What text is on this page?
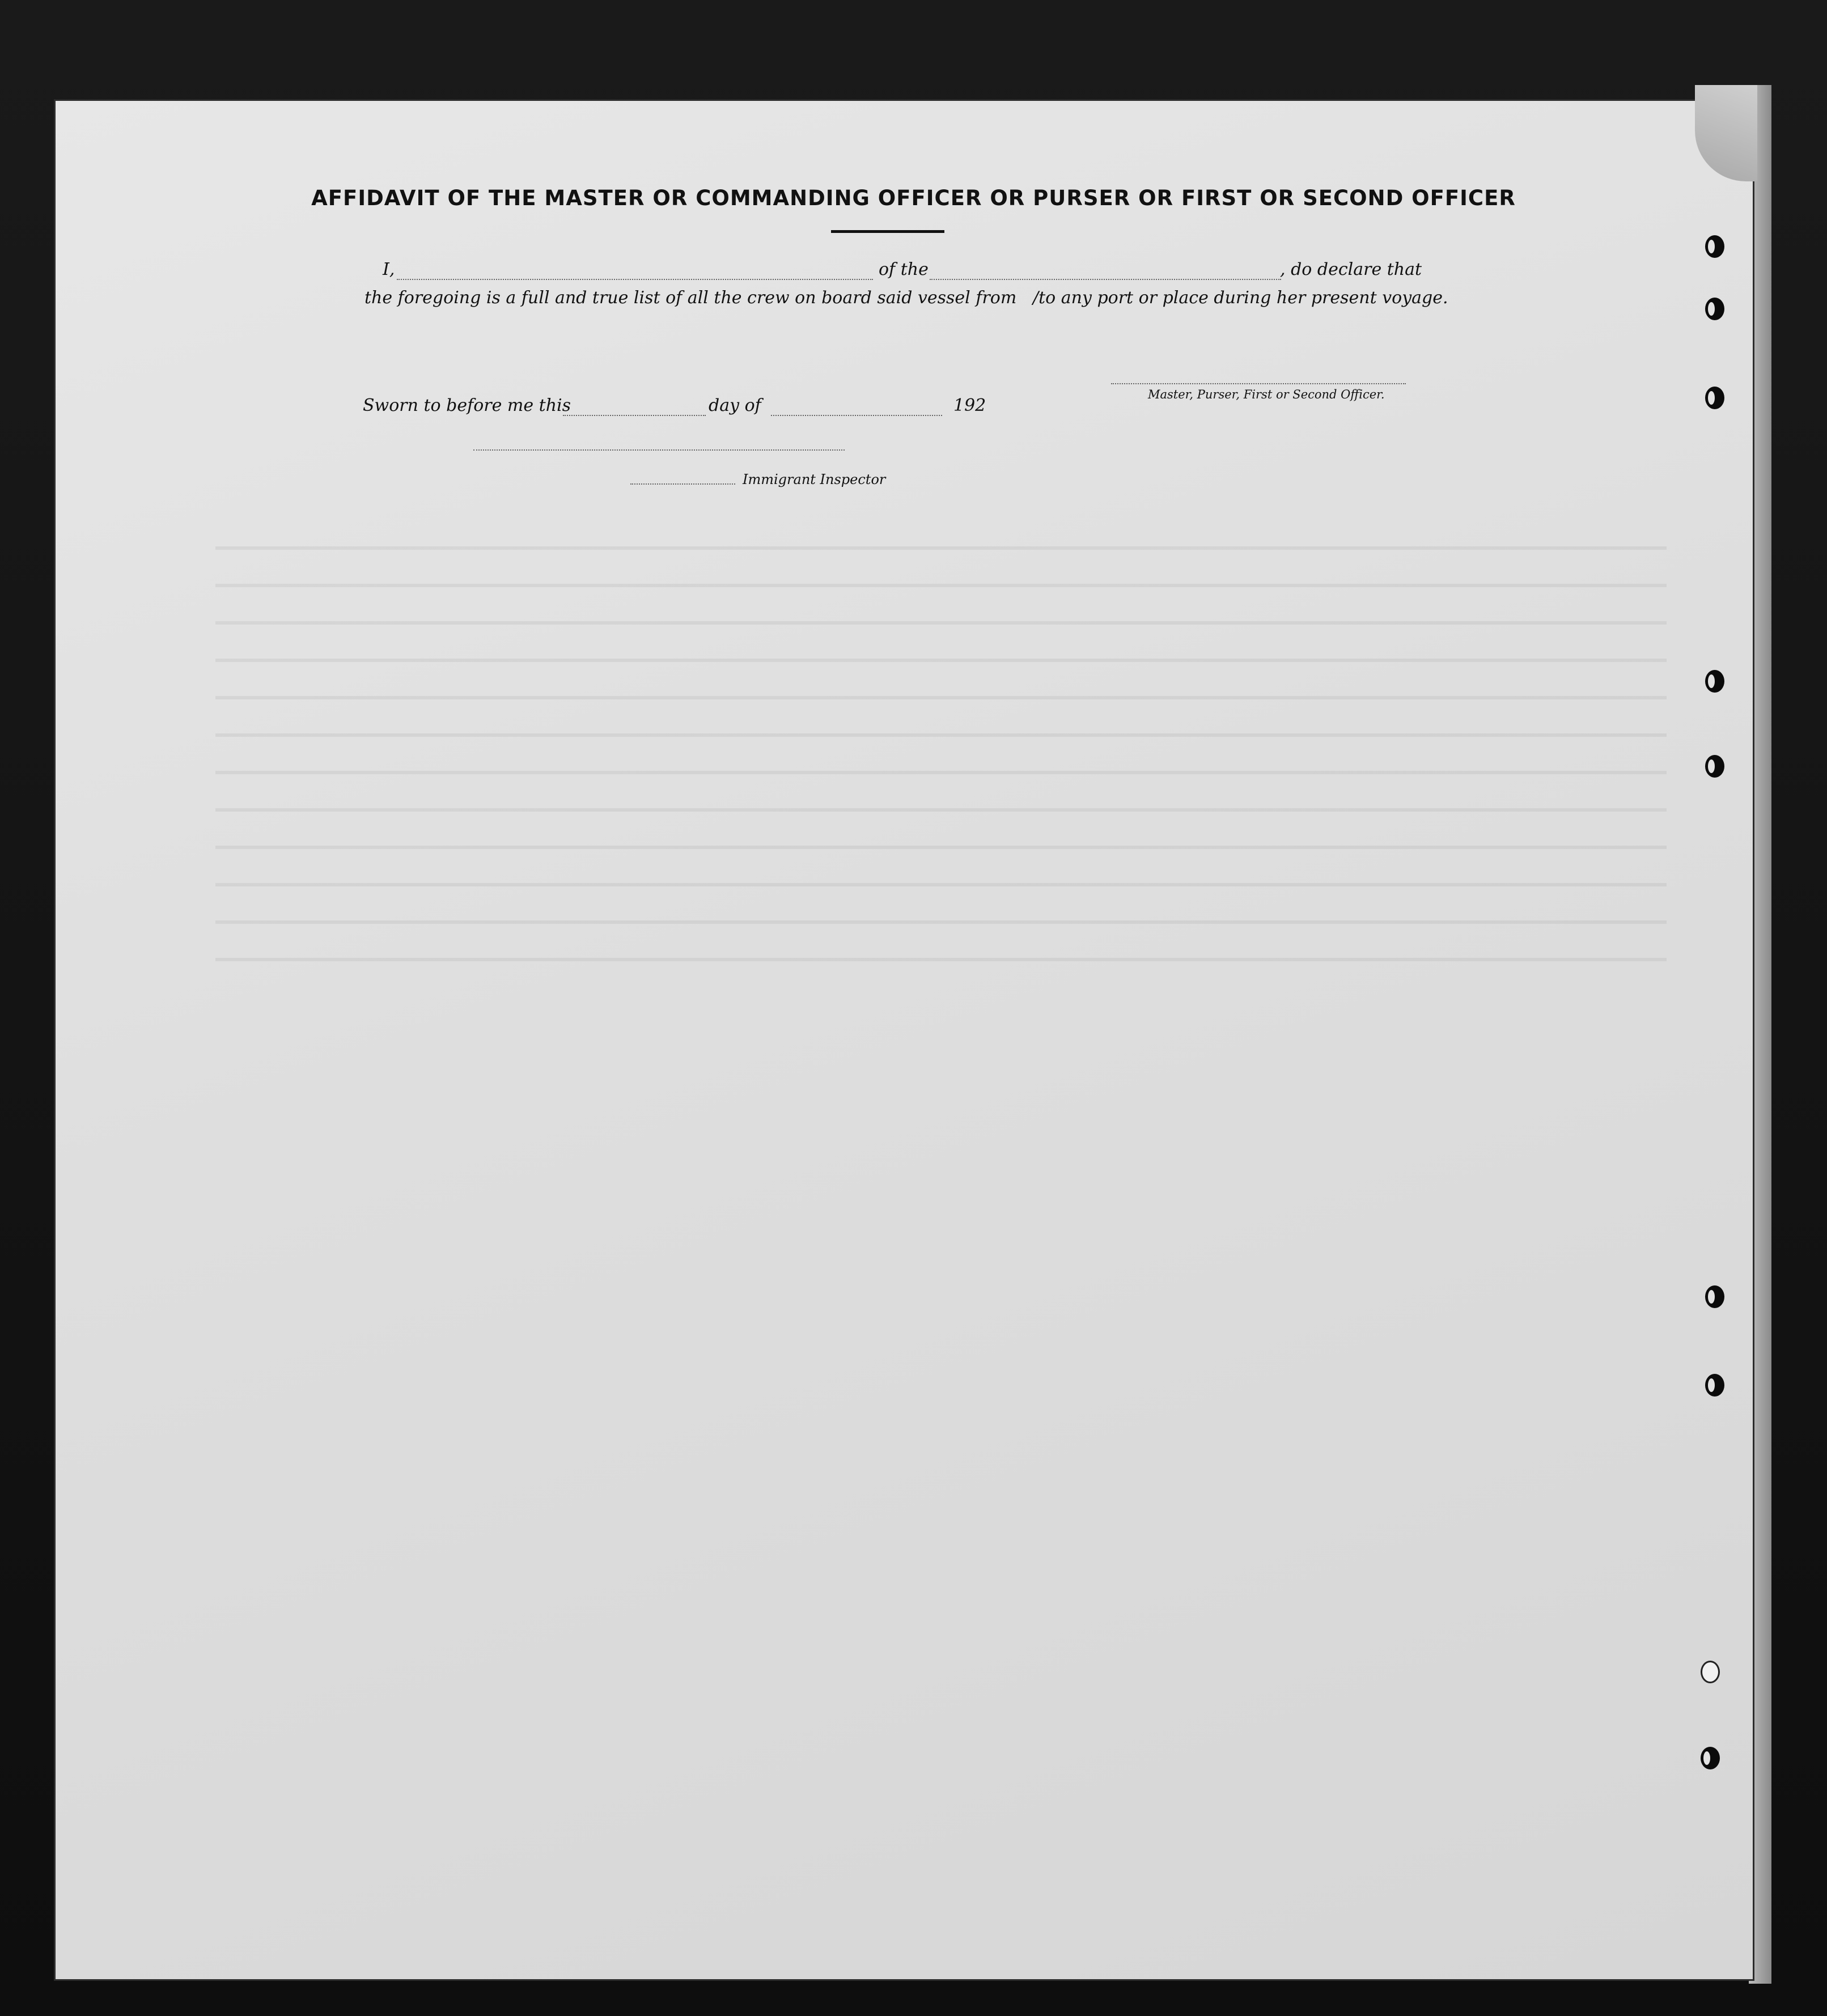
AFFIDAVIT OF THE MASTER OR COMMANDING OFFICER OR PURSER OR FIRST OR SECOND OFFICER
I,	of the	, do declare that
the foregoing is a full and true list of all the crew on board said vessel from /to any port or place during her present voyage.
Master, Purser, First or Second Officer.
Sworn to before me this	day of	192
Immigrant Inspector
